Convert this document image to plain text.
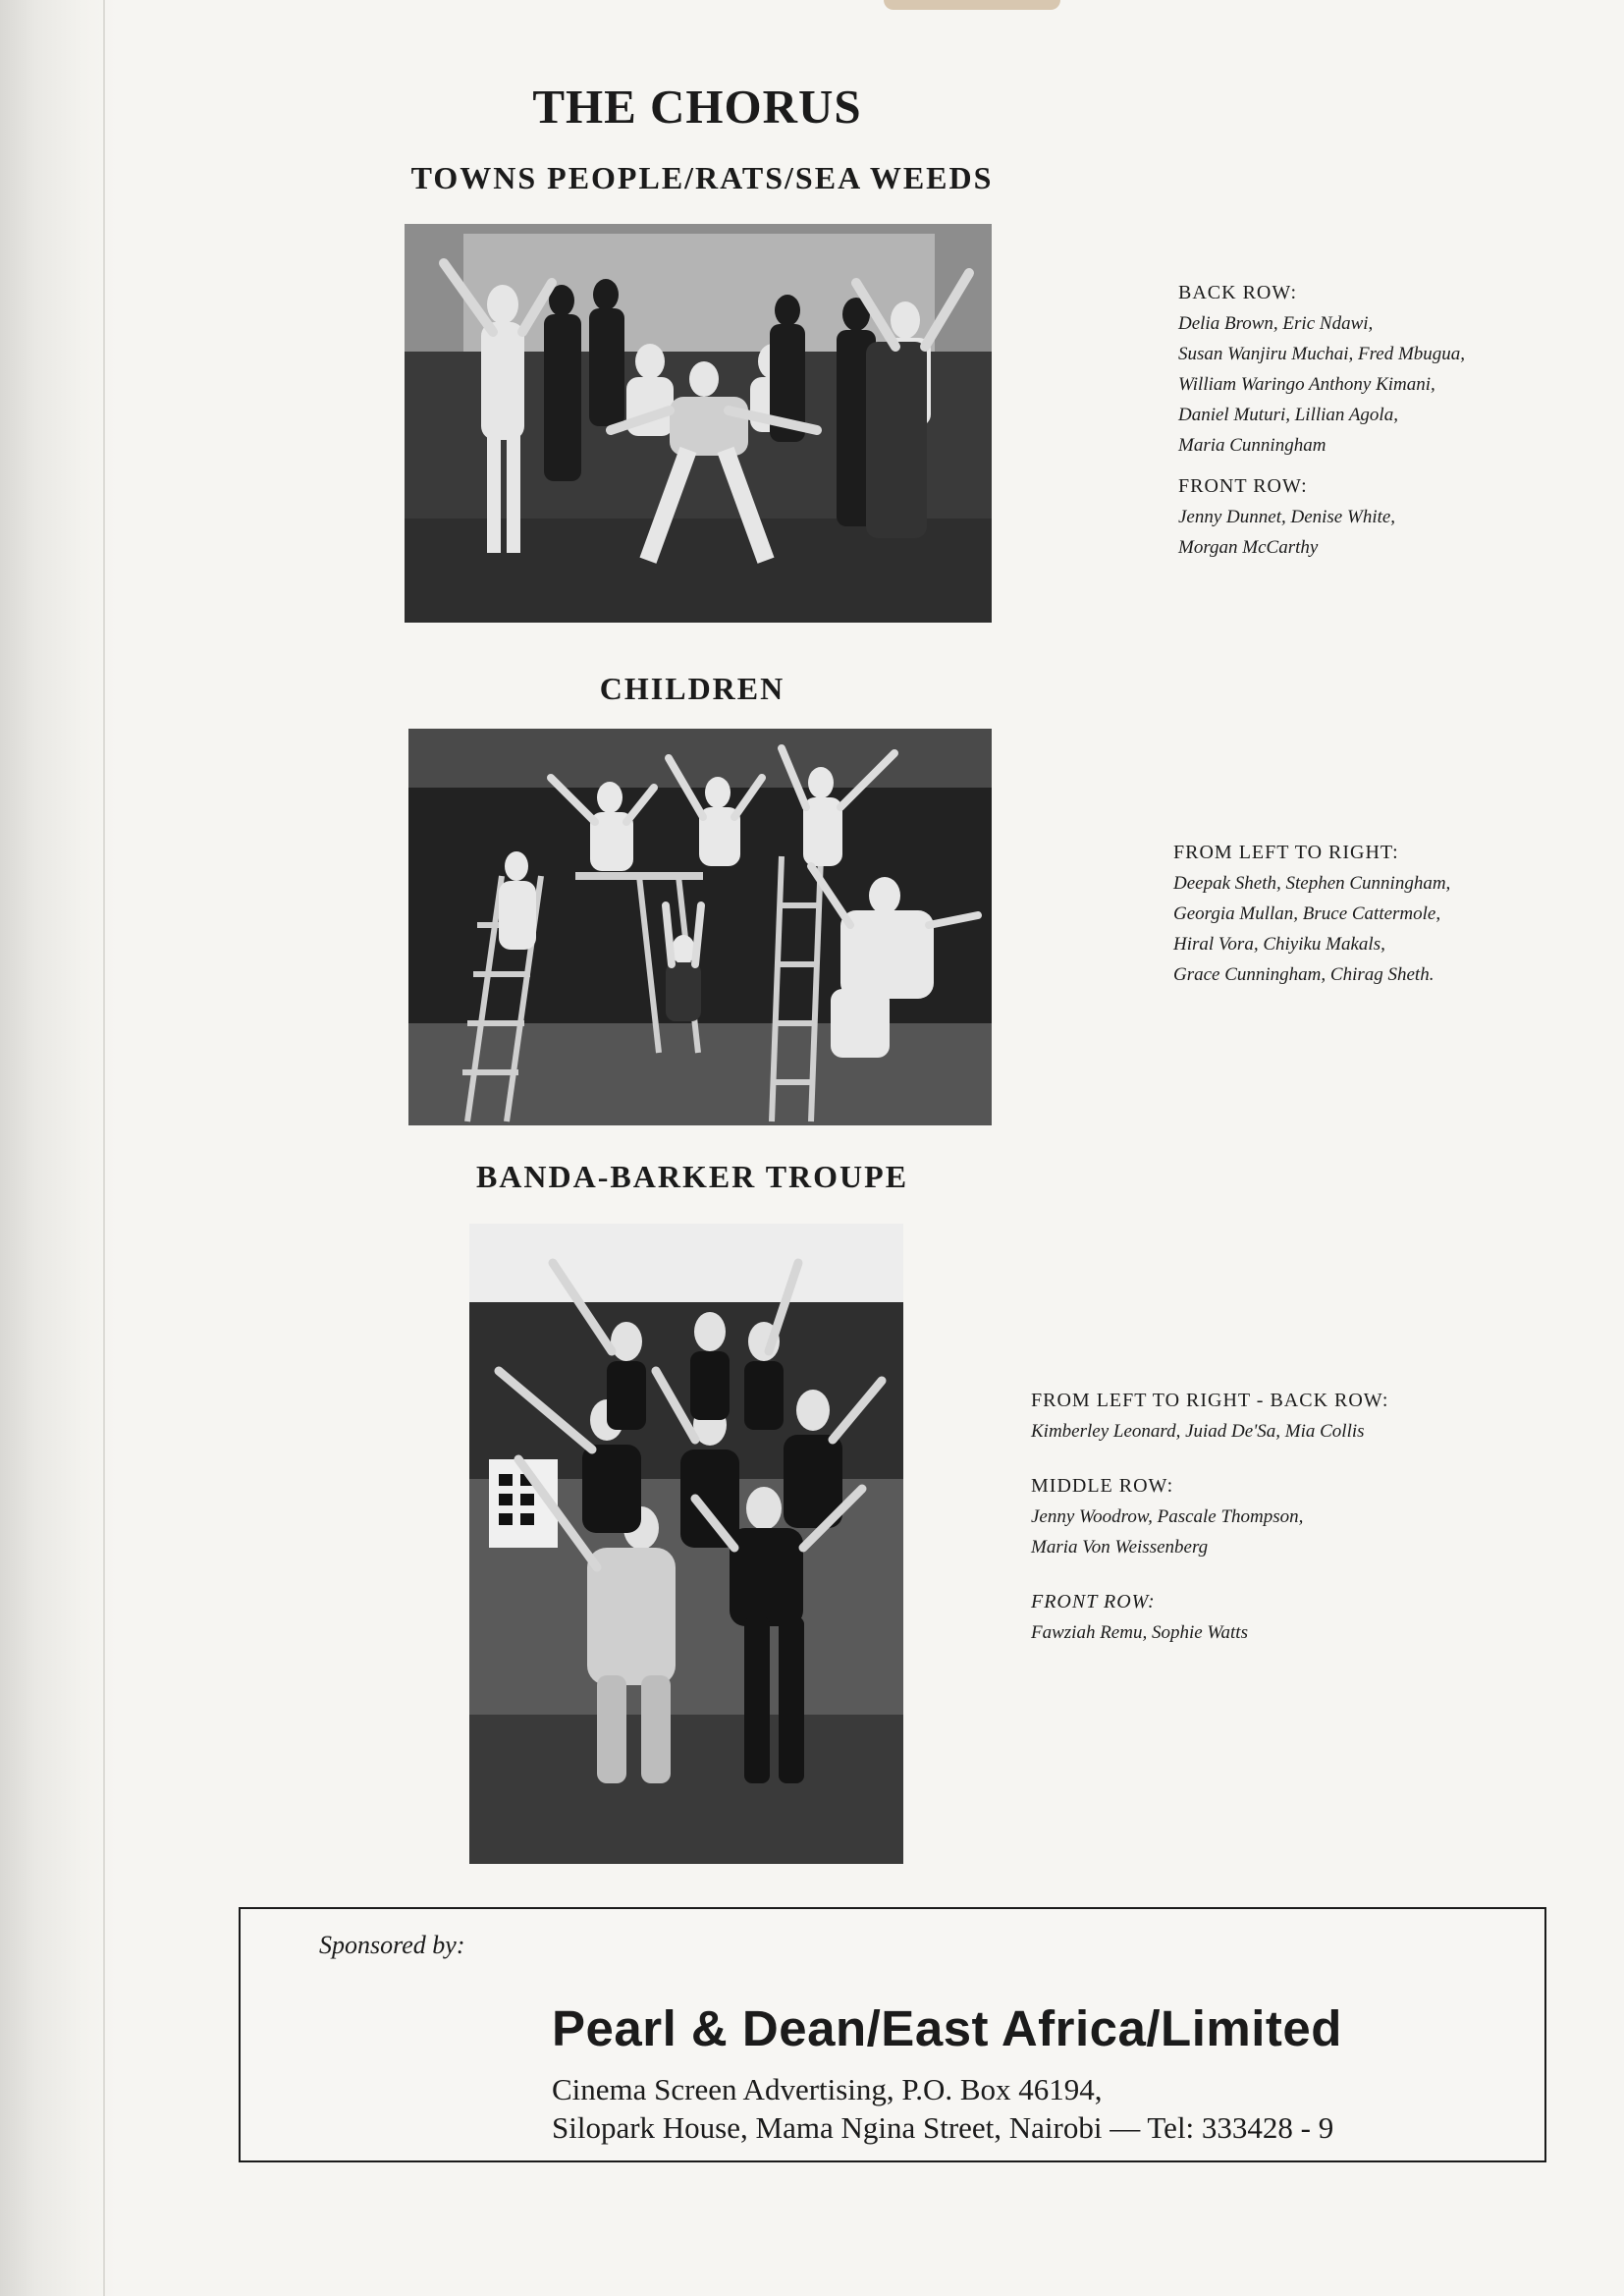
THE CHORUS
TOWNS PEOPLE/RATS/SEA WEEDS
BACK ROW:
Delia Brown, Eric Ndawi,
Susan Wanjiru Muchai, Fred Mbugua,
William Waringo Anthony Kimani,
Daniel Muturi, Lillian Agola,
Maria Cunningham
FRONT ROW:
Jenny Dunnet, Denise White,
Morgan McCarthy
CHILDREN
FROM LEFT TO RIGHT:
Deepak Sheth, Stephen Cunningham,
Georgia Mullan, Bruce Cattermole,
Hiral Vora, Chiyiku Makals,
Grace Cunningham, Chirag Sheth.
BANDA-BARKER TROUPE
FROM LEFT TO RIGHT - BACK ROW:
Kimberley Leonard, Juiad De'Sa, Mia Collis
MIDDLE ROW:
Jenny Woodrow, Pascale Thompson,
Maria Von Weissenberg
FRONT ROW:
Fawziah Remu, Sophie Watts
Sponsored by:
Pearl & Dean/East Africa/Limited
Cinema Screen Advertising, P.O. Box 46194,
Silopark House, Mama Ngina Street, Nairobi — Tel: 333428 - 9
